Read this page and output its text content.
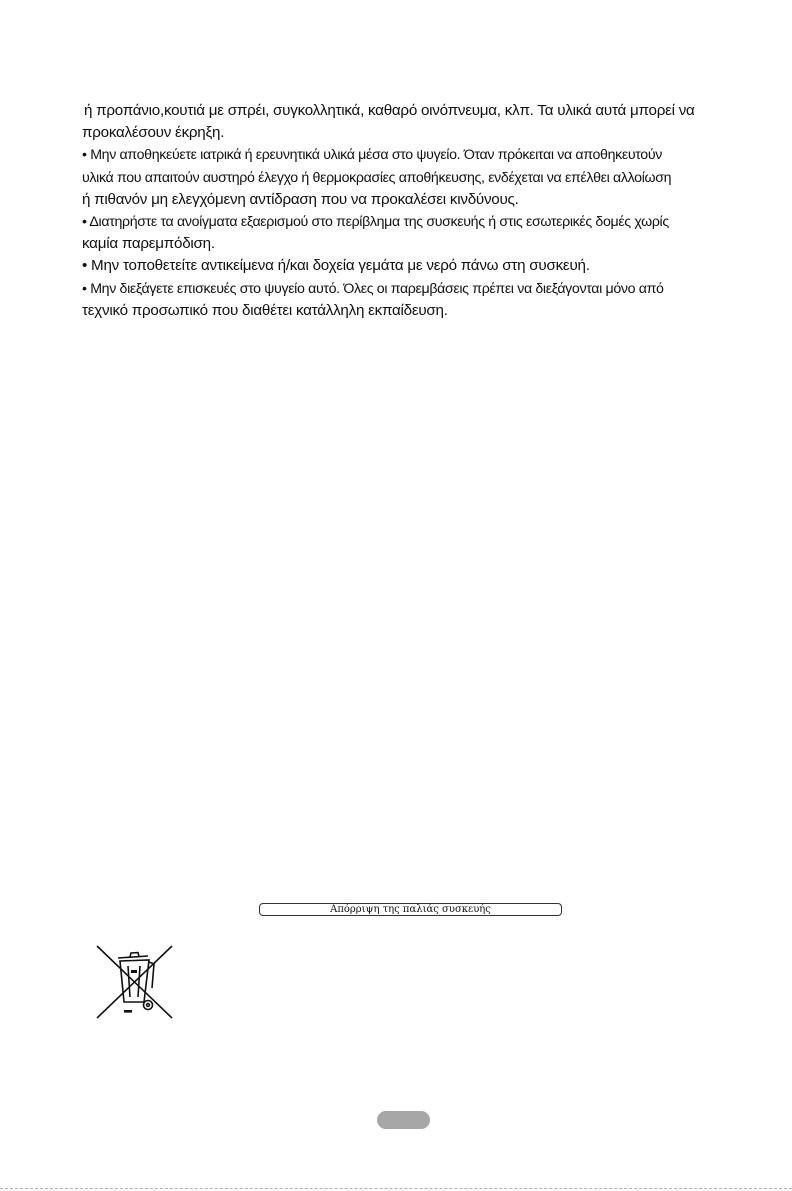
ή προπάνιο,κουτιά με σπρέι, συγκολλητικά, καθαρό οινόπνευμα, κλπ. Τα υλικά αυτά μπορεί να
προκαλέσουν έκρηξη.
• Μην αποθηκεύετε ιατρικά ή ερευνητικά υλικά μέσα στο ψυγείο. Όταν πρόκειται να αποθηκευτούν
υλικά που απαιτούν αυστηρό έλεγχο ή θερμοκρασίες αποθήκευσης, ενδέχεται να επέλθει αλλοίωση
ή πιθανόν μη ελεγχόμενη αντίδραση που να προκαλέσει κινδύνους.
• Διατηρήστε τα ανοίγματα εξαερισμού στο περίβλημα της συσκευής ή στις εσωτερικές δομές χωρίς
καμία παρεμπόδιση.
• Μην τοποθετείτε αντικείμενα ή/και δοχεία γεμάτα με νερό πάνω στη συσκευή.
• Μην διεξάγετε επισκευές στο ψυγείο αυτό. Όλες οι παρεμβάσεις πρέπει να διεξάγονται μόνο από
τεχνικό προσωπικό που διαθέτει κατάλληλη εκπαίδευση.
Απόρριψη της παλιάς συσκευής
